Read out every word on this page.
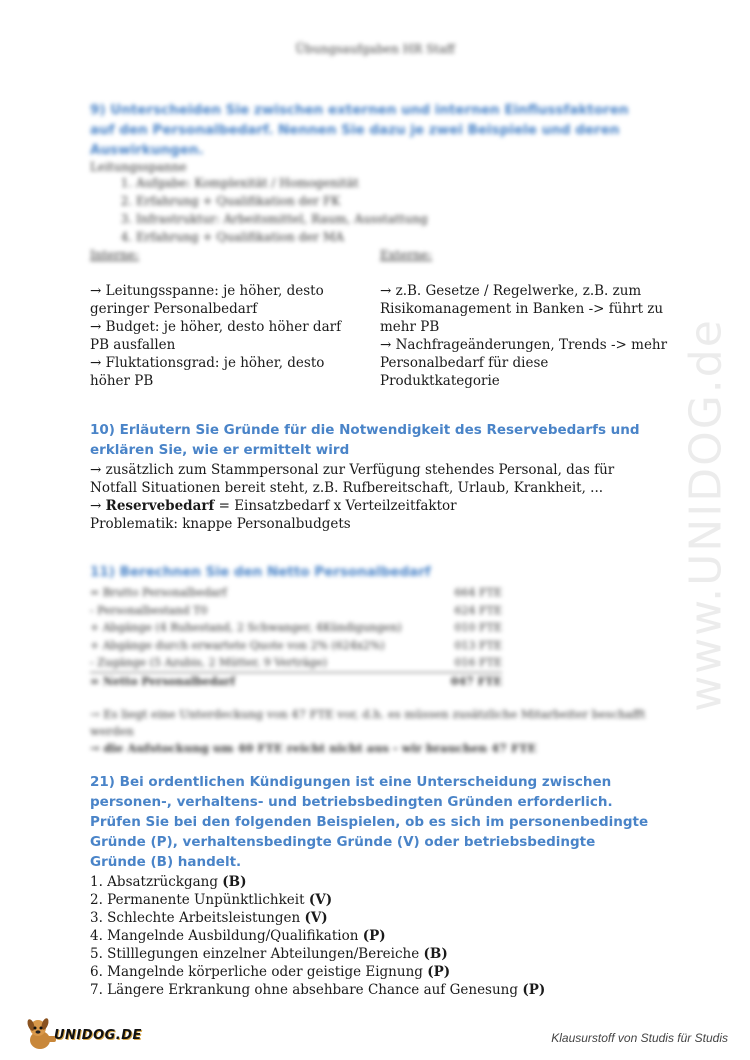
Übungsaufgaben HR Staff
9) Unterscheiden Sie zwischen externen und internen Einflussfaktoren auf den Personalbedarf. Nennen Sie dazu je zwei Beispiele und deren Auswirkungen.
Leitungsspanne
1. Aufgabe: Komplexität / Homogenität
2. Erfahrung + Qualifikation der FK
3. Infrastruktur: Arbeitsmittel, Raum, Ausstattung
4. Erfahrung + Qualifikation der MA
Interne:	Externe:
→ Leitungsspanne: je höher, desto geringer Personalbedarf
→ Budget: je höher, desto höher darf PB ausfallen
→ Fluktationsgrad: je höher, desto höher PB
→ z.B. Gesetze / Regelwerke, z.B. zum Risikomanagement in Banken -> führt zu mehr PB
→ Nachfrageänderungen, Trends -> mehr Personalbedarf für diese Produktkategorie
10) Erläutern Sie Gründe für die Notwendigkeit des Reservebedarfs und erklären Sie, wie er ermittelt wird
→ zusätzlich zum Stammpersonal zur Verfügung stehendes Personal, das für Notfall Situationen bereit steht, z.B. Rufbereitschaft, Urlaub, Krankheit, ...
→ Reservebedarf = Einsatzbedarf x Verteilzeitfaktor
Problematik: knappe Personalbudgets
11) Berechnen Sie den Netto Personalbedarf
= Brutto Personalbedarf	664 FTE
- Personalbestand T0	624 FTE
+ Abgänge (4 Ruhestand, 2 Schwanger, 4Kündigungen)	010 FTE
+ Abgänge durch erwartete Quote von 2% (624x2%)	013 FTE
- Zugänge (5 Azubis, 2 Mütter, 9 Verträge)	016 FTE
= Netto Personalbedarf	047 FTE
→ Es liegt eine Unterdeckung von 47 FTE vor, d.h. es müssen zusätzliche Mitarbeiter beschafft werden
→ die Aufstockung um 40 FTE reicht nicht aus - wir brauchen 47 FTE
21) Bei ordentlichen Kündigungen ist eine Unterscheidung zwischen personen-, verhaltens- und betriebsbedingten Gründen erforderlich. Prüfen Sie bei den folgenden Beispielen, ob es sich im personenbedingte Gründe (P), verhaltensbedingte Gründe (V) oder betriebsbedingte Gründe (B) handelt.
1. Absatzrückgang (B)
2. Permanente Unpünktlichkeit (V)
3. Schlechte Arbeitsleistungen (V)
4. Mangelnde Ausbildung/Qualifikation (P)
5. Stilllegungen einzelner Abteilungen/Bereiche (B)
6. Mangelnde körperliche oder geistige Eignung (P)
7. Längere Erkrankung ohne absehbare Chance auf Genesung (P)
www.UNIDOG.de
UNIDOG.DE	Klausurstoff von Studis für Studis
